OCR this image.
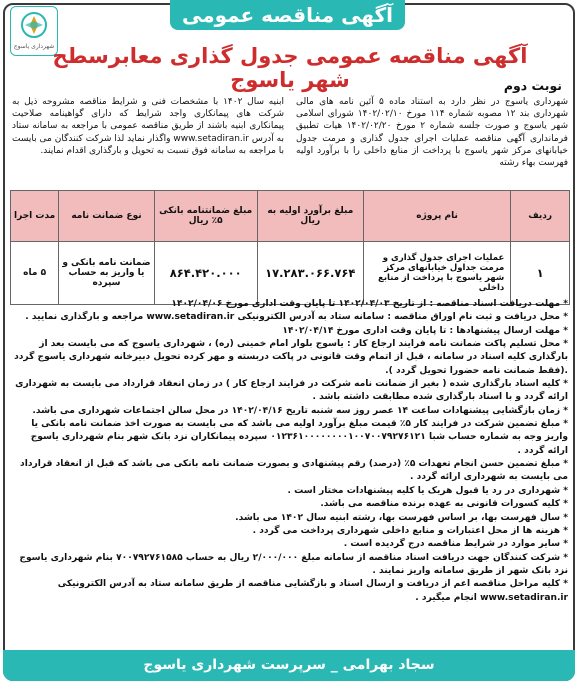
آگهی مناقصه عمومی
شهرداری یاسوج
آگهی مناقصه عمومی جدول گذاری معابرسطح شهر یاسوج	نوبت دوم
شهرداری یاسوج در نظر دارد به استناد ماده ۵ آئین نامه های مالی شهرداری بند ۱۲ مصوبه شماره ۱۱۴ مورخ ۱۴۰۲/۰۲/۱۰ شورای اسلامی شهر یاسوج و صورت جلسه شماره ۲ مورخ ۱۴۰۲/۰۲/۲۰ هیات تطبیق فرمانداری آگهی مناقصه عملیات اجرای جدول گذاری و مرمت جدول خیابانهای مرکز شهر یاسوج با پرداخت از منابع داخلی را با برآورد اولیه فهرست بهاء رشته
ابنیه سال ۱۴۰۲ با مشخصات فنی و شرایط مناقصه مشروحه ذیل به شرکت های پیمانکاری واجد شرایط که دارای گواهینامه صلاحیت پیمانکاری ابنیه باشند از طریق مناقصه عمومی با مراجعه به سامانه ستاد به آدرس www.setadiran.ir واگذار نماید لذا شرکت کنندگان می بایست با مراجعه به سامانه فوق نسبت به تحویل و بارگذاری اقدام نمایند.
ردیف	نام پروژه	مبلغ برآورد اولیه به ریال	مبلغ ضمانتنامه بانکی ۵٪ ریال	نوع ضمانت نامه	مدت اجرا
۱	عملیات اجرای جدول گذاری و مرمت جداول خیابانهای مرکز شهر یاسوج با پرداخت از منابع داخلی	۱۷.۲۸۳.۰۶۶.۷۶۴	۸۶۴.۴۲۰.۰۰۰	ضمانت نامه بانکی و یا واریز به حساب سپرده	۵ ماه

* مهلت دریافت اسناد مناقصه : از تاریخ ۱۴۰۲/۰۴/۰۳ تا پایان وقت اداری مورخ ۱۴۰۲/۰۴/۰۶

* محل دریافت و ثبت نام اوراق مناقصه : سامانه ستاد به آدرس الکترونیکی www.setadiran.ir مراجعه و بارگذاری نمایید .

* مهلت ارسال پیشنهادها : تا پایان وقت اداری مورخ ۱۴۰۲/۰۴/۱۴

* محل تسلیم پاکت ضمانت نامه فرایند ارجاع کار : یاسوج بلوار امام خمینی (ره) ، شهرداری یاسوج که می بایست بعد از بارگذاری کلیه اسناد در سامانه ، قبل از اتمام وقت قانونی در پاکت دربسته و مهر کرده تحویل دبیرخانه شهرداری یاسوج گردد .(فقط ضمانت نامه حضورا تحویل گردد ).

* کلیه اسناد بارگذاری شده ( بغیر از ضمانت نامه شرکت در فرایند ارجاع کار ) در زمان انعقاد قرارداد می بایست به شهرداری ارائه گردد و با اسناد بارگذاری شده مطابقت داشته باشد .

* زمان بازگشایی پیشنهادات ساعت ۱۴ عصر روز سه شنبه تاریخ ۱۴۰۲/۰۴/۱۶ در محل سالن اجتماعات شهرداری می باشد.

* مبلغ تضمین شرکت در فرایند کار ۵٪ قیمت مبلغ برآورد اولیه می باشد که می بایست به صورت اخذ ضمانت نامه بانکی یا واریز وجه به شماره حساب شبا ۰۱۲۳۶۱۰۰۰۰۰۰۰۰۱۰۰۷۰۰۷۹۲۷۶۱۲۱ سپرده پیمانکاران نزد بانک شهر بنام شهرداری یاسوج ارائه گردد .

* مبلغ تضمین حسن انجام تعهدات ۵٪ (درصد) رقم پیشنهادی و بصورت ضمانت نامه بانکی می باشد که قبل از انعقاد قرارداد می بایست به شهرداری ارائه گردد .

* شهرداری در رد یا قبول هریک یا کلیه پیشنهادات مختار است .

* کلیه کسورات قانونی به عهده برنده مناقصه می باشد.

* سال فهرست بها، بر اساس فهرست بها، رشته ابنیه سال ۱۴۰۲ می باشد.

* هزینه ها از محل اعتبارات و منابع داخلی شهرداری پرداخت می گردد .

* سایر موارد در شرایط مناقصه درج گردیده است .

* شرکت کنندگان جهت دریافت اسناد مناقصه از سامانه مبلغ ۲/۰۰۰/۰۰۰ ریال به حساب ۷۰۰۷۹۲۷۶۱۵۸۵ بنام شهرداری یاسوج نزد بانک شهر از طریق سامانه واریز نمایند .

* کلیه مراحل مناقصه اعم از دریافت و ارسال اسناد و بازگشایی مناقصه از طریق سامانه ستاد به آدرس الکترونیکی www.setadiran.ir انجام میگیرد .

سجاد بهرامی _ سرپرست شهرداری یاسوج
